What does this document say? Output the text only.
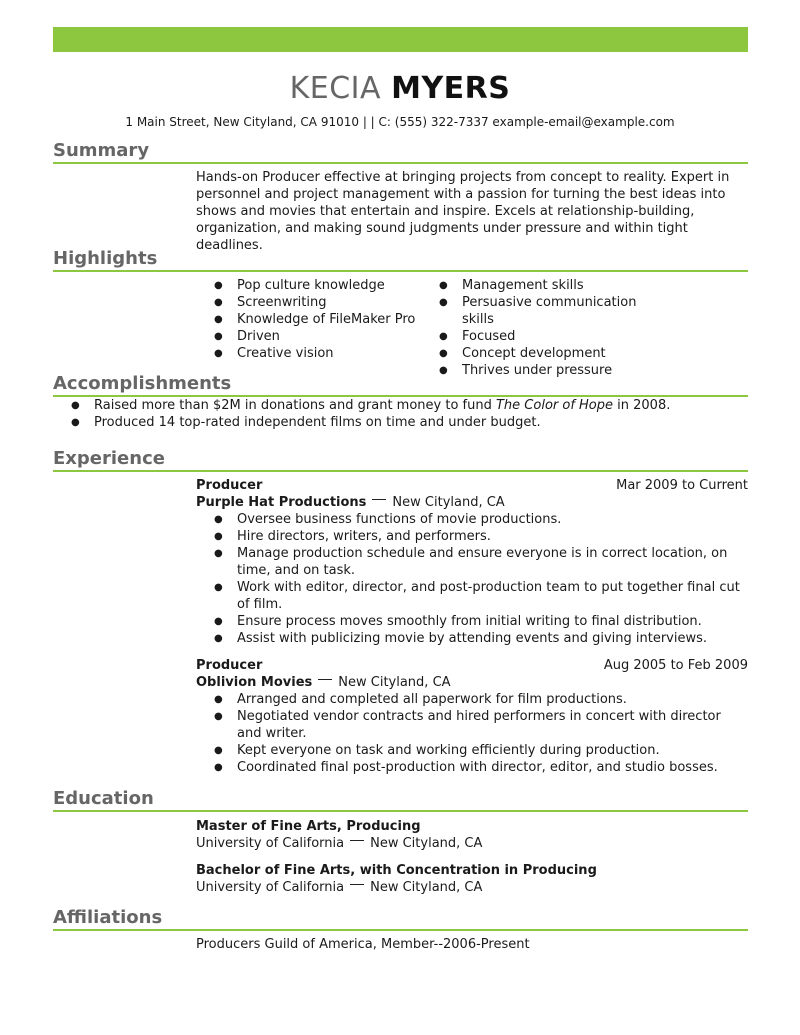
KECIA MYERS
1 Main Street, New Cityland, CA 91010 | | C: (555) 322-7337 example-email@example.com
Summary
Hands-on Producer effective at bringing projects from concept to reality. Expert in personnel and project management with a passion for turning the best ideas into shows and movies that entertain and inspire. Excels at relationship-building, organization, and making sound judgments under pressure and within tight deadlines.
Highlights
● Pop culture knowledge
● Screenwriting
● Knowledge of FileMaker Pro
● Driven
● Creative vision
● Management skills
● Persuasive communication skills
● Focused
● Concept development
● Thrives under pressure
Accomplishments
● Raised more than $2M in donations and grant money to fund The Color of Hope in 2008.
● Produced 14 top-rated independent films on time and under budget.
Experience
Producer	Mar 2009 to Current
Purple Hat Productions New Cityland, CA
● Oversee business functions of movie productions.
● Hire directors, writers, and performers.
● Manage production schedule and ensure everyone is in correct location, on time, and on task.
● Work with editor, director, and post-production team to put together final cut of film.
● Ensure process moves smoothly from initial writing to final distribution.
● Assist with publicizing movie by attending events and giving interviews.
Producer	Aug 2005 to Feb 2009
Oblivion Movies New Cityland, CA
● Arranged and completed all paperwork for film productions.
● Negotiated vendor contracts and hired performers in concert with director and writer.
● Kept everyone on task and working efficiently during production.
● Coordinated final post-production with director, editor, and studio bosses.
Education
Master of Fine Arts, Producing
University of California New Cityland, CA
Bachelor of Fine Arts, with Concentration in Producing
University of California New Cityland, CA
Affiliations
Producers Guild of America, Member--2006-Present
